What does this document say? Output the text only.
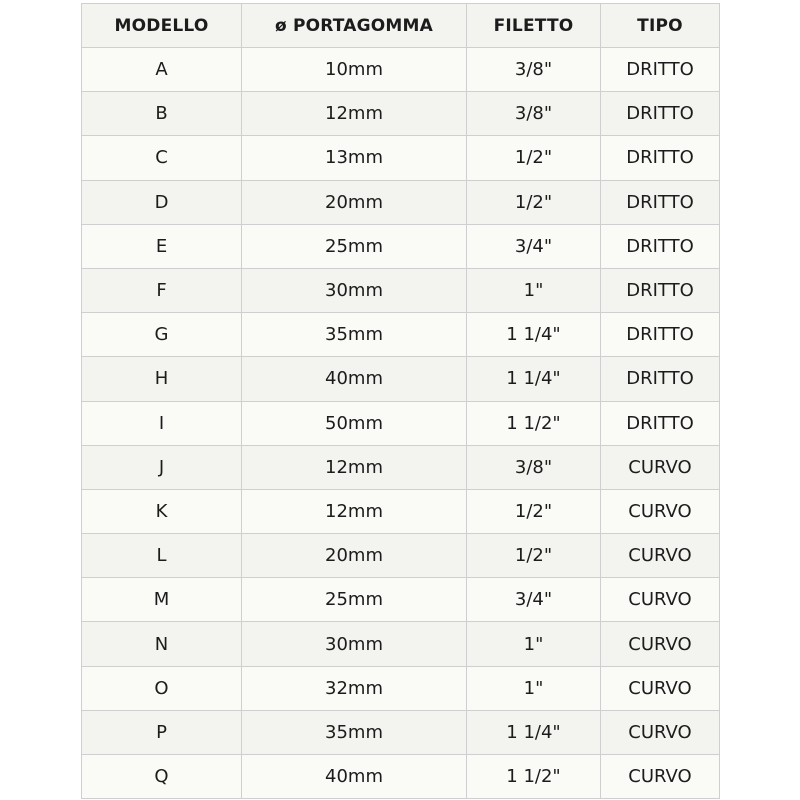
MODELLO	ø PORTAGOMMA	FILETTO	TIPO
A	10mm	3/8"	DRITTO
B	12mm	3/8"	DRITTO
C	13mm	1/2"	DRITTO
D	20mm	1/2"	DRITTO
E	25mm	3/4"	DRITTO
F	30mm	1"	DRITTO
G	35mm	1 1/4"	DRITTO
H	40mm	1 1/4"	DRITTO
I	50mm	1 1/2"	DRITTO
J	12mm	3/8"	CURVO
K	12mm	1/2"	CURVO
L	20mm	1/2"	CURVO
M	25mm	3/4"	CURVO
N	30mm	1"	CURVO
O	32mm	1"	CURVO
P	35mm	1 1/4"	CURVO
Q	40mm	1 1/2"	CURVO
